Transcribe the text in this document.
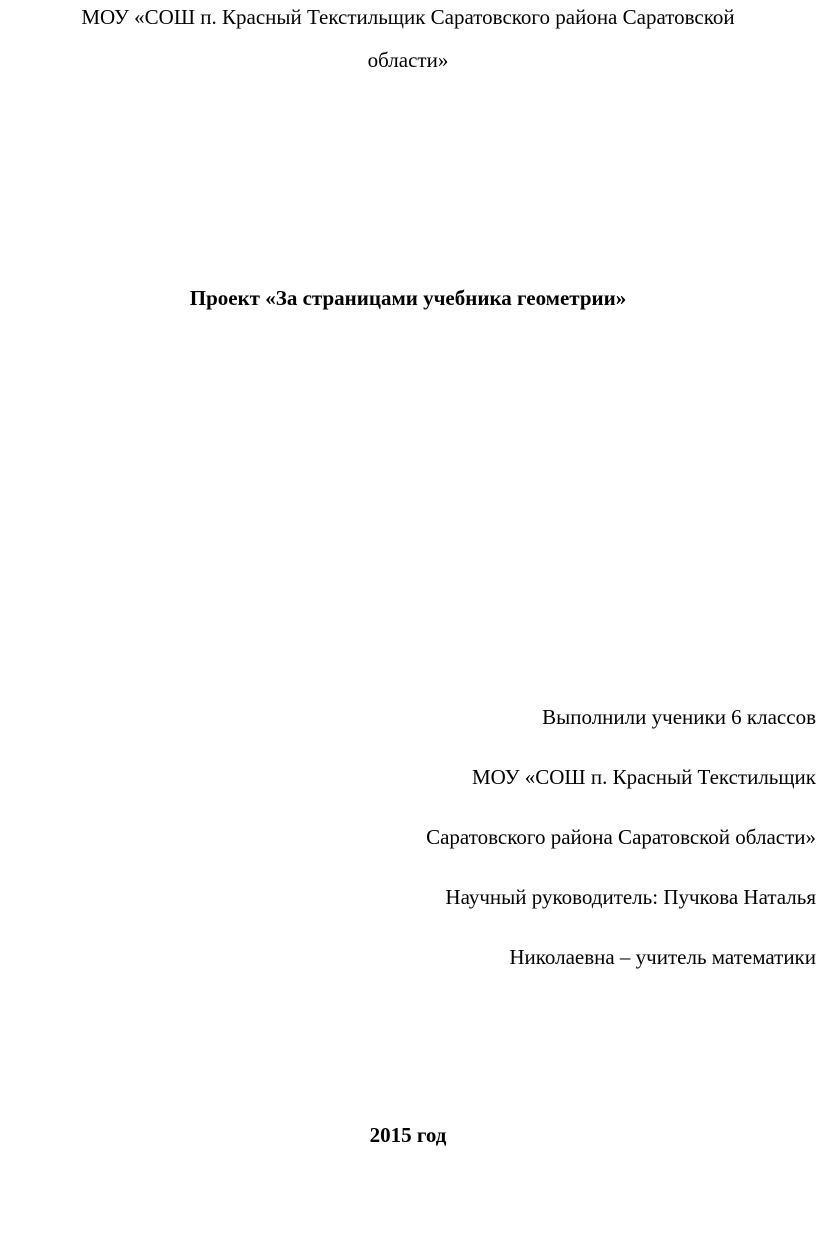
МОУ «СОШ п. Красный Текстильщик Саратовского района Саратовской
области»
Проект «За страницами учебника геометрии»
Выполнили ученики 6 классов
МОУ «СОШ п. Красный Текстильщик
Саратовского района Саратовской области»
Научный руководитель: Пучкова Наталья
Николаевна – учитель математики
2015 год
